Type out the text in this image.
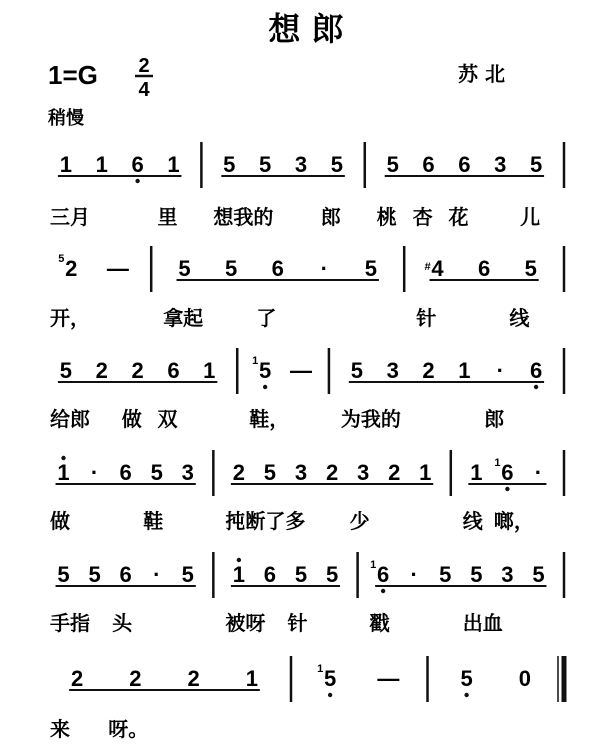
想 郎
1=G 2
4
苏 北
稍慢
1 1 6 1 5 5 3 5 5 6 6 3 5
三月	里 想我的 郎 桃 杏 花	儿
2
5 — 5 5 6 · 5 4
# 6 5
开，	拿起	了	针	线
5 2 2 6 1 5
1 — 5 3 2 1 · 6
给郎 做 双	鞋，	为我的	郎
1 · 6 5 3 2 5 3 2 3 2 1 1 6
1 ·
做	鞋	扽断了多 少	线 啷，
5 5 6 · 5 1 6 5 5 6
1 · 5 5 3 5
手指 头	被呀 针	戳	出血
2 2 2 1	5
1 —	5 0
来 呀。
